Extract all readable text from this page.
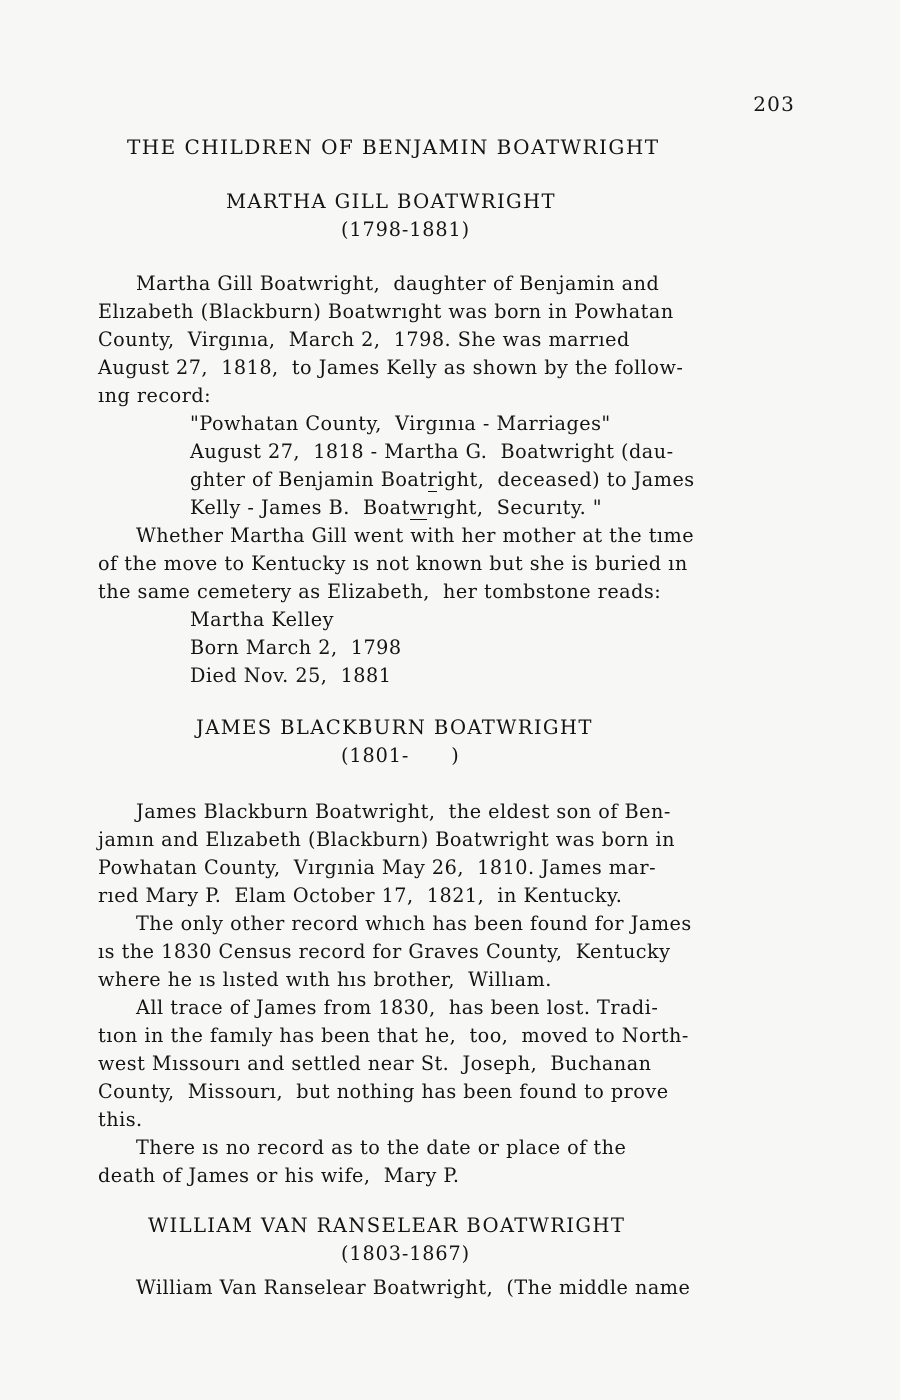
203
THE CHILDREN OF BENJAMIN BOATWRIGHT
MARTHA GILL BOATWRIGHT
(1798-1881)
JAMES BLACKBURN BOATWRIGHT
(1801-      )
WILLIAM VAN RANSELEAR BOATWRIGHT
(1803-1867)
Martha Gill Boatwright,  daughter of Benjamin and
Elızabeth (Blackburn) Boatwrıght was born in Powhatan
County,  Virgınıa,  March 2,  1798. She was marrıed
August 27,  1818,  to James Kelly as shown by the follow-
ıng record:
"Powhatan County,  Virgınıa - Marriages"
August 27,  1818 - Martha G.  Boatwright (dau-
ghter of Benjamin Boatright,  deceased) to James
Kelly - James B.  Boatwrıght,  Securıty. "
Whether Martha Gill went with her mother at the tıme
of the move to Kentucky ıs not known but she is buried ın
the same cemetery as Elizabeth,  her tombstone reads:
Martha Kelley
Born March 2,  1798
Died Nov. 25,  1881
James Blackburn Boatwright,  the eldest son of Ben-
jamın and Elızabeth (Blackburn) Boatwright was born in
Powhatan County,  Vırgınia May 26,  1810. James mar-
rıed Mary P.  Elam October 17,  1821,  in Kentucky.
The only other record whıch has been found for James
ıs the 1830 Census record for Graves County,  Kentucky
where he ıs lısted wıth hıs brother,  Willıam.
All trace of James from 1830,  has been lost. Tradi-
tıon in the famıly has been that he,  too,  moved to North-
west Mıssourı and settled near St.  Joseph,  Buchanan
County,  Missourı,  but nothing has been found to prove
this.
There ıs no record as to the date or place of the
death of James or his wife,  Mary P.
William Van Ranselear Boatwright,  (The middle name
